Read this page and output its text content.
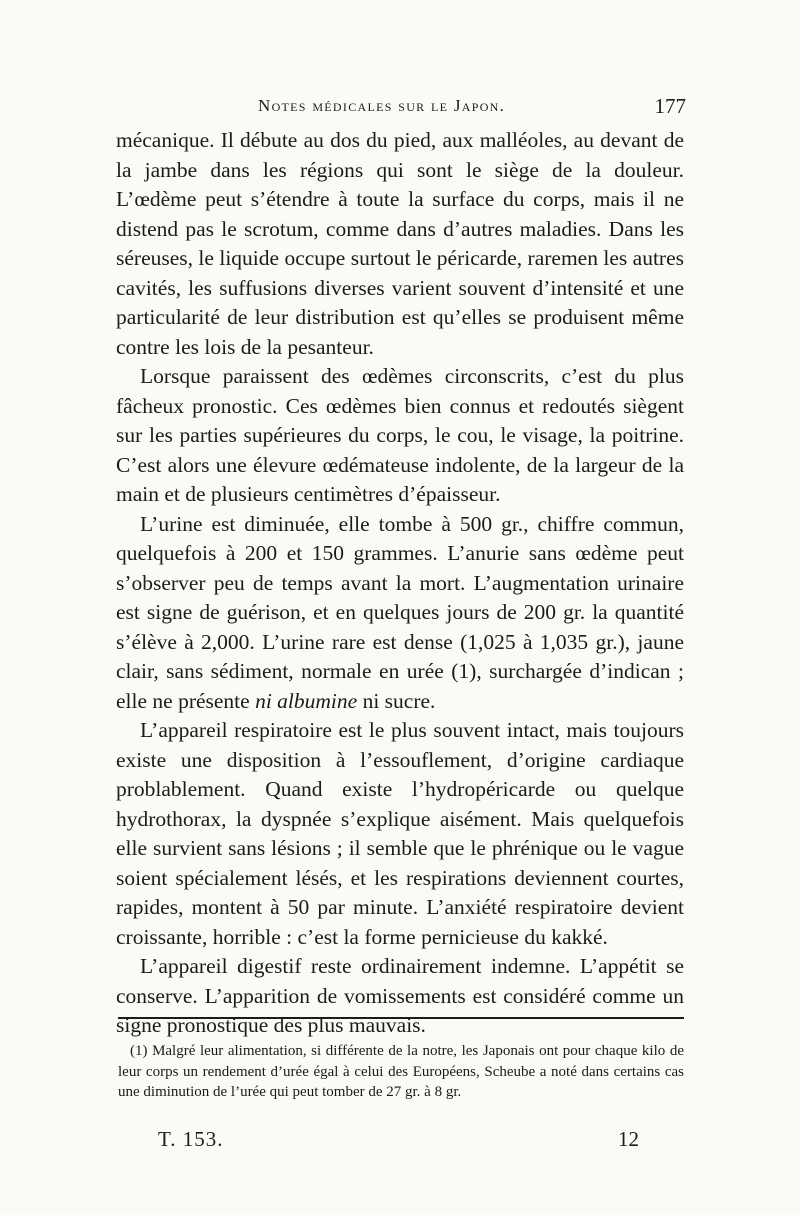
Notes médicales sur le Japon.	177

mécanique. Il débute au dos du pied, aux malléoles, au devant de la jambe dans les régions qui sont le siège de la douleur. L’œdème peut s’étendre à toute la surface du corps, mais il ne distend pas le scrotum, comme dans d’autres maladies. Dans les séreuses, le liquide occupe surtout le péricarde, raremen les autres cavités, les suffusions diverses varient souvent d’intensité et une particularité de leur distribution est qu’elles se produisent même contre les lois de la pesanteur.

Lorsque paraissent des œdèmes circonscrits, c’est du plus fâcheux pronostic. Ces œdèmes bien connus et redoutés siègent sur les parties supérieures du corps, le cou, le visage, la poitrine. C’est alors une élevure œdémateuse indolente, de la largeur de la main et de plusieurs centimètres d’épaisseur.

L’urine est diminuée, elle tombe à 500 gr., chiffre commun, quelquefois à 200 et 150 grammes. L’anurie sans œdème peut s’observer peu de temps avant la mort. L’augmentation urinaire est signe de guérison, et en quelques jours de 200 gr. la quantité s’élève à 2,000. L’urine rare est dense (1,025 à 1,035 gr.), jaune clair, sans sédiment, normale en urée (1), surchargée d’indican ; elle ne présente ni albumine ni sucre.

L’appareil respiratoire est le plus souvent intact, mais toujours existe une disposition à l’essouflement, d’origine cardiaque problablement. Quand existe l’hydropéricarde ou quelque hydrothorax, la dyspnée s’explique aisément. Mais quelquefois elle survient sans lésions ; il semble que le phrénique ou le vague soient spécialement lésés, et les respirations deviennent courtes, rapides, montent à 50 par minute. L’anxiété respiratoire devient croissante, horrible : c’est la forme pernicieuse du kakké.

L’appareil digestif reste ordinairement indemne. L’appétit se conserve. L’apparition de vomissements est considéré comme un signe pronostique des plus mauvais.

(1) Malgré leur alimentation, si différente de la notre, les Japonais ont pour chaque kilo de leur corps un rendement d’urée égal à celui des Européens, Scheube a noté dans certains cas une diminution de l’urée qui peut tomber de 27 gr. à 8 gr.

T. 153.	12
